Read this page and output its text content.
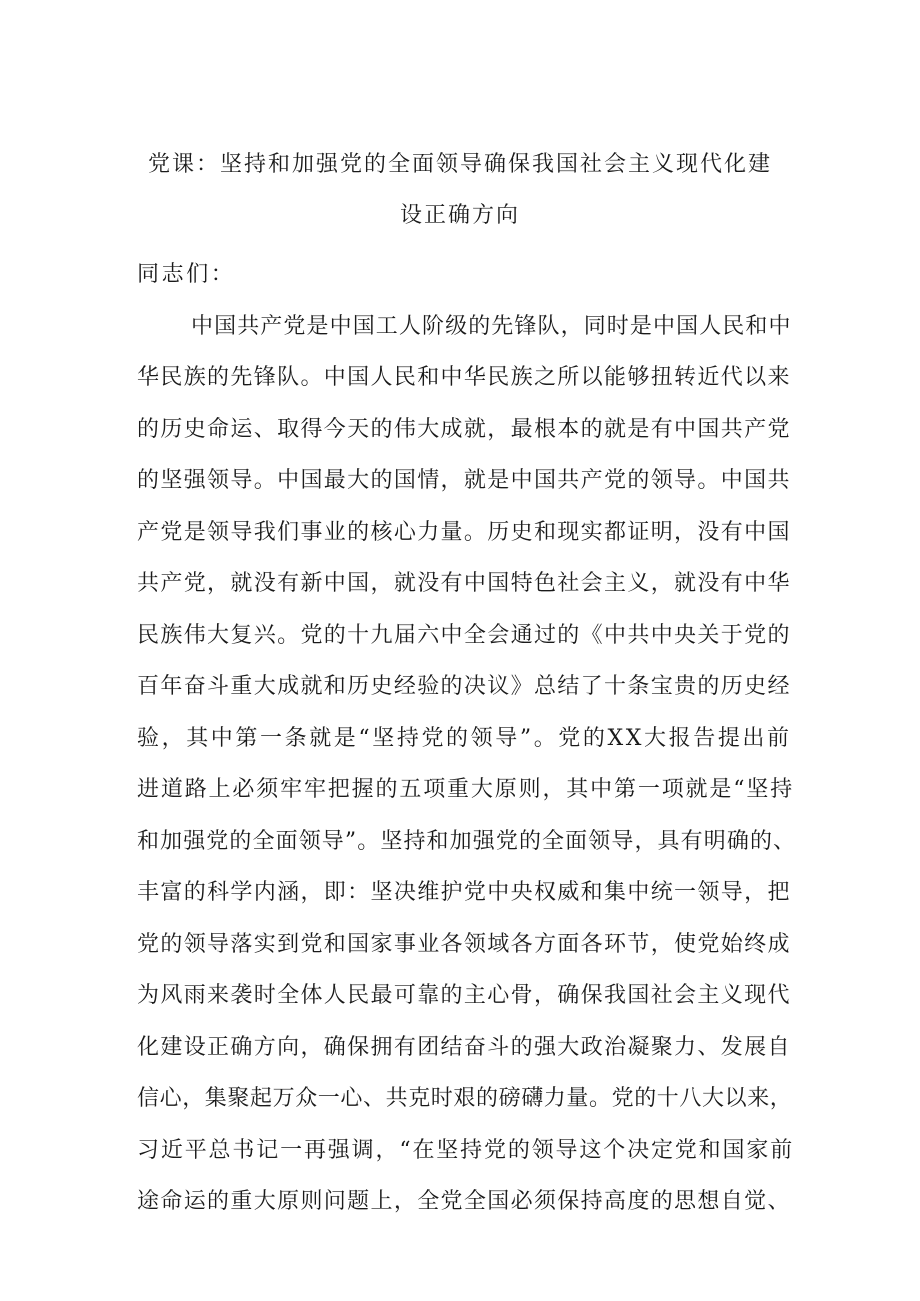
党课：坚持和加强党的全面领导确保我国社会主义现代化建
设正确方向
同志们：
中国共产党是中国工人阶级的先锋队，同时是中国人民和中
华民族的先锋队。中国人民和中华民族之所以能够扭转近代以来
的历史命运、取得今天的伟大成就，最根本的就是有中国共产党
的坚强领导。中国最大的国情，就是中国共产党的领导。中国共
产党是领导我们事业的核心力量。历史和现实都证明，没有中国
共产党，就没有新中国，就没有中国特色社会主义，就没有中华
民族伟大复兴。党的十九届六中全会通过的《中共中央关于党的
百年奋斗重大成就和历史经验的决议》总结了十条宝贵的历史经
验，其中第一条就是“坚持党的领导”。党的XX大报告提出前
进道路上必须牢牢把握的五项重大原则，其中第一项就是“坚持
和加强党的全面领导”。坚持和加强党的全面领导，具有明确的、
丰富的科学内涵，即：坚决维护党中央权威和集中统一领导，把
党的领导落实到党和国家事业各领域各方面各环节，使党始终成
为风雨来袭时全体人民最可靠的主心骨，确保我国社会主义现代
化建设正确方向，确保拥有团结奋斗的强大政治凝聚力、发展自
信心，集聚起万众一心、共克时艰的磅礴力量。党的十八大以来，
习近平总书记一再强调，“在坚持党的领导这个决定党和国家前
途命运的重大原则问题上，全党全国必须保持高度的思想自觉、
